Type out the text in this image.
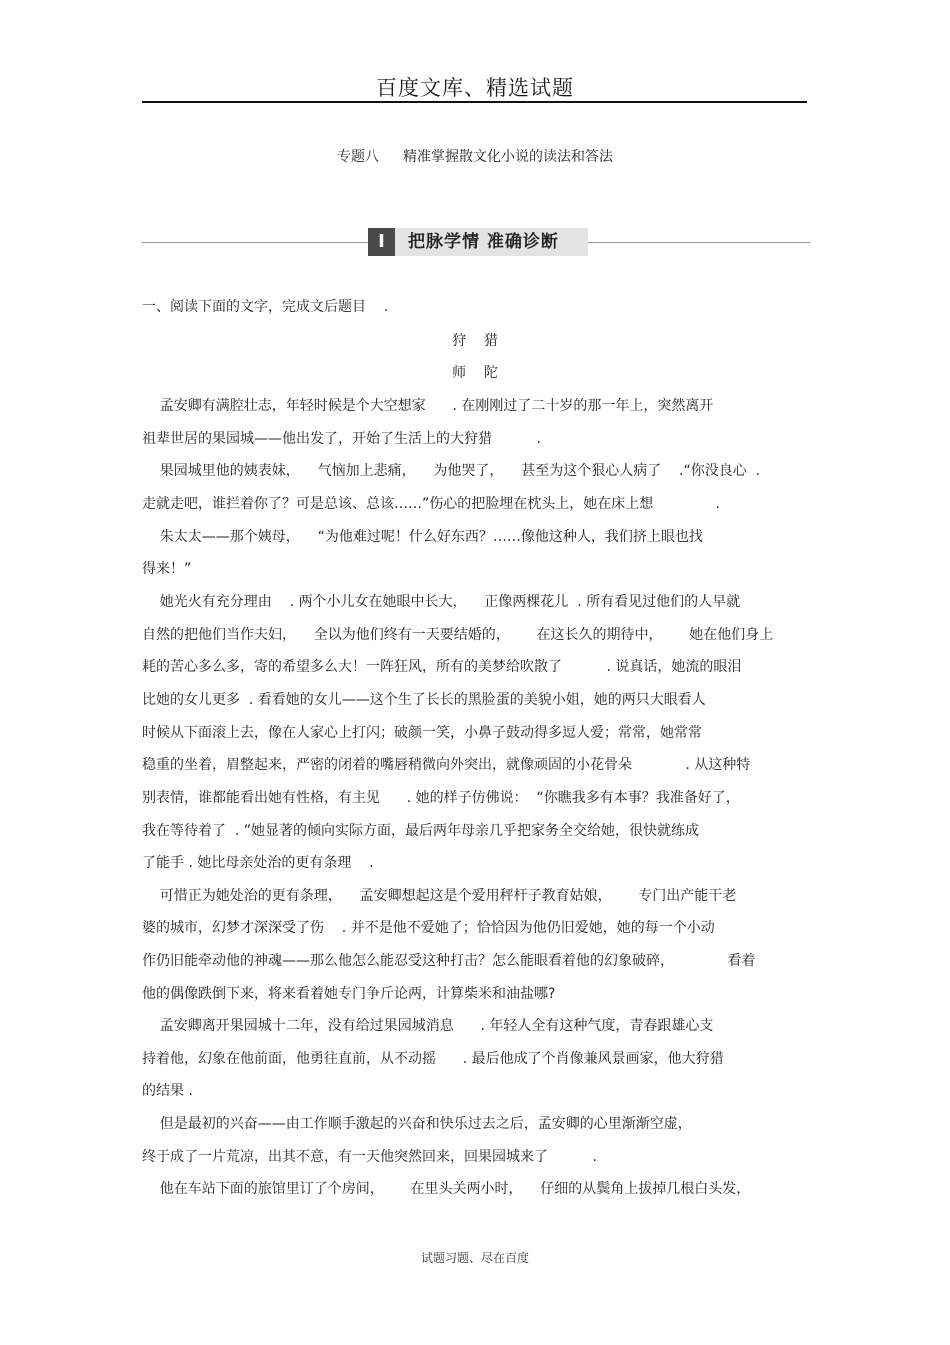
百度文库、精选试题
专题八 精准掌握散文化小说的读法和答法
I	把脉学情 准确诊断
一、阅读下面的文字，完成文后题目    .
狩    猎
师    陀
孟安卿有满腔壮志，年轻时候是个大空想家      . 在刚刚过了二十岁的那一年上，突然离开
祖辈世居的果园城——他出发了，开始了生活上的大狩猎          .
果园城里他的姨表妹，    气恼加上悲痛，    为他哭了，    甚至为这个狠心人病了    .“你没良心  .
走就走吧，谁拦着你了？可是总该、总该……”伤心的把脸埋在枕头上，她在床上想              .
朱太太——那个姨母，    “为他难过呢！什么好东西？……像他这种人，我们挤上眼也找
得来！”
她光火有充分理由    . 两个小儿女在她眼中长大，    正像两棵花儿  . 所有看见过他们的人早就
自然的把他们当作夫妇，    全以为他们终有一天要结婚的，      在这长久的期待中，      她在他们身上
耗的苦心多么多，寄的希望多么大！一阵狂风，所有的美梦给吹散了          . 说真话，她流的眼泪
比她的女儿更多  . 看看她的女儿——这个生了长长的黑脸蛋的美貌小姐，她的两只大眼看人
时候从下面滚上去，像在人家心上打闪；破颜一笑，小鼻子鼓动得多逗人爱；常常，她常常
稳重的坐着，眉整起来，严密的闭着的嘴唇稍微向外突出，就像顽固的小花骨朵            . 从这种特
别表情，谁都能看出她有性格，有主见      . 她的样子仿佛说：  “你瞧我多有本事？我准备好了，
我在等待着了  . ”她显著的倾向实际方面，最后两年母亲几乎把家务全交给她，很快就练成
了能手 . 她比母亲处治的更有条理    .
可惜正为她处治的更有条理，    孟安卿想起这是个爱用秤杆子教育姑娘，      专门出产能干老
婆的城市，幻梦才深深受了伤    . 并不是他不爱她了；恰恰因为他仍旧爱她，她的每一个小动
作仍旧能牵动他的神魂——那么他怎么能忍受这种打击？怎么能眼看着他的幻象破碎，            看着
他的偶像跌倒下来，将来看着她专门争斤论两，计算柴米和油盐哪?
孟安卿离开果园城十二年，没有给过果园城消息      . 年轻人全有这种气度，青春跟雄心支
持着他，幻象在他前面，他勇往直前，从不动摇      . 最后他成了个肖像兼风景画家，他大狩猎
的结果 .
但是最初的兴奋——由工作顺手激起的兴奋和快乐过去之后，孟安卿的心里渐渐空虚，
终于成了一片荒凉，出其不意，有一天他突然回来，回果园城来了          .
他在车站下面的旅馆里订了个房间，      在里头关两小时，    仔细的从鬓角上拔掉几根白头发，
试题习题、尽在百度
